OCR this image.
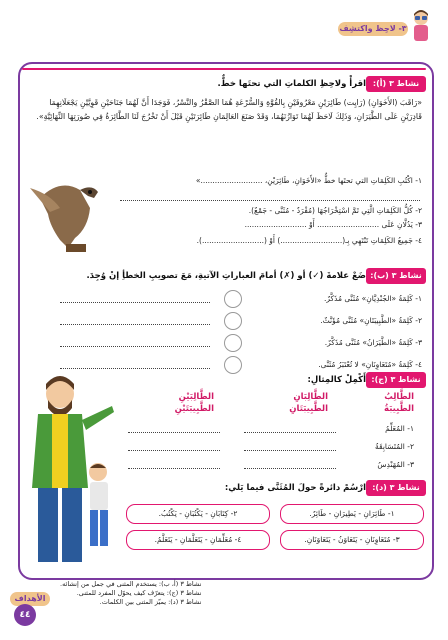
٣- لاحِظ واكتشِف
نشاط ٣ (أ):
اقرأْ ولاحِظِ الكلماتِ التي تحتَها خطٌّ.
«رَاقَبَ (الأَخَوَانِ) (رَايِت) طَائِرَيْنِ مَعْرُوفَيْنِ بِالقُوَّةِ وَالسُّرْعَةِ هُمَا الصَّقْرُ والنَّسْرُ، فَوَجَدَا أَنَّ لَهُمَا جَنَاحَيْنِ قَوِيَّيْنِ يَجْعَلَانِهِمَا قَادِرَيْنِ عَلَى الطَّيَرَانِ، وَذَلِكَ لَاحَظَ لَهُمَا تَوَازُنَهُمَا، وَقَدْ صَنَعَ العَالِمَانِ طَائِرَتَيْنِ قَبْلَ أَنْ تَخْرُجَ لَنَا الطَّائِرَةُ فِي صُورَتِهَا النِّهَائِيَّةِ».
١- اكْتُبِ الكَلِمَاتِ التي تحتَها خطٌّ «الأَخَوَانِ، طَائِرَيْنِ، ..........................»
٢- كُلُّ الكَلِمَاتِ الَّتِي تَمَّ اسْتِخْرَاجُهَا (مُفْرَدٌ - مُثَنَّى - جَمْعٌ).
٣- يَدُلَّانِ عَلَى .......................... أَوْ ..........................
٤- جَمِيعُ الكَلِمَاتِ تَنْتَهِي بِـ(..........................) أَوْ (..........................).
نشاط ٣ (ب):
ضَعْ علامةَ (✓) أو (✗) أمامَ العباراتِ الآتيةِ، مَعَ تصويبِ الخطأِ إنْ وُجِدَ.
١- كَلِمَةُ «الجُنْدِيَّانِ» مُثَنَّى مُذَكَّرٌ.
٢- كَلِمَةُ «الطَّبِيبَتَانِ» مُثَنَّى مُؤَنَّثٌ.
٣- كَلِمَةُ «الطَّيَرَانُ» مُثَنَّى مُذَكَّرٌ.
٤- كَلِمَةُ «مُتَعَاوِنَانِ» لا تُعْتَبَرُ مُثَنَّى.
نشاط ٣ (ج):
أَكْمِلْ كالمِثالِ:
الطَّالِبُ
الطَّبِيبَةُ
الطَّالِبَانِ
الطَّبِيبَتَانِ
الطَّالِبَيْنِ
الطَّبِيبَتَيْنِ
١- المُعَلِّمُ
٢- المُتَسَابِقَةُ
٣- المُهَنْدِسُ
نشاط ٣ (د):
ارْسُمْ دائرةً حولَ المُثَنَّى فيما يَلي:
١- طَائِرَانِ - يَطِيرَانِ - طَائِرٌ.
٢- كِتَابَانِ - يَكْتُبَانِ - يَكْتُبُ.
٣- مُتَعَاوِنَانِ - يَتَعَاوَنُ - يَتَعَاوَنَانِ.
٤- مُعَلِّمَانِ - يَتَعَلَّمَانِ - يَتَعَلَّمُ.
نشاط ٣ (أ، ب): يستخدم المثنى في جمل من إنشائه.
نشاط ٣ (ج): يتعرّف كيف يحوّل المفرد للمثنى.
نشاط ٣ (د): يميّز المثنى بين الكلمات.
الأهداف
٤٤
